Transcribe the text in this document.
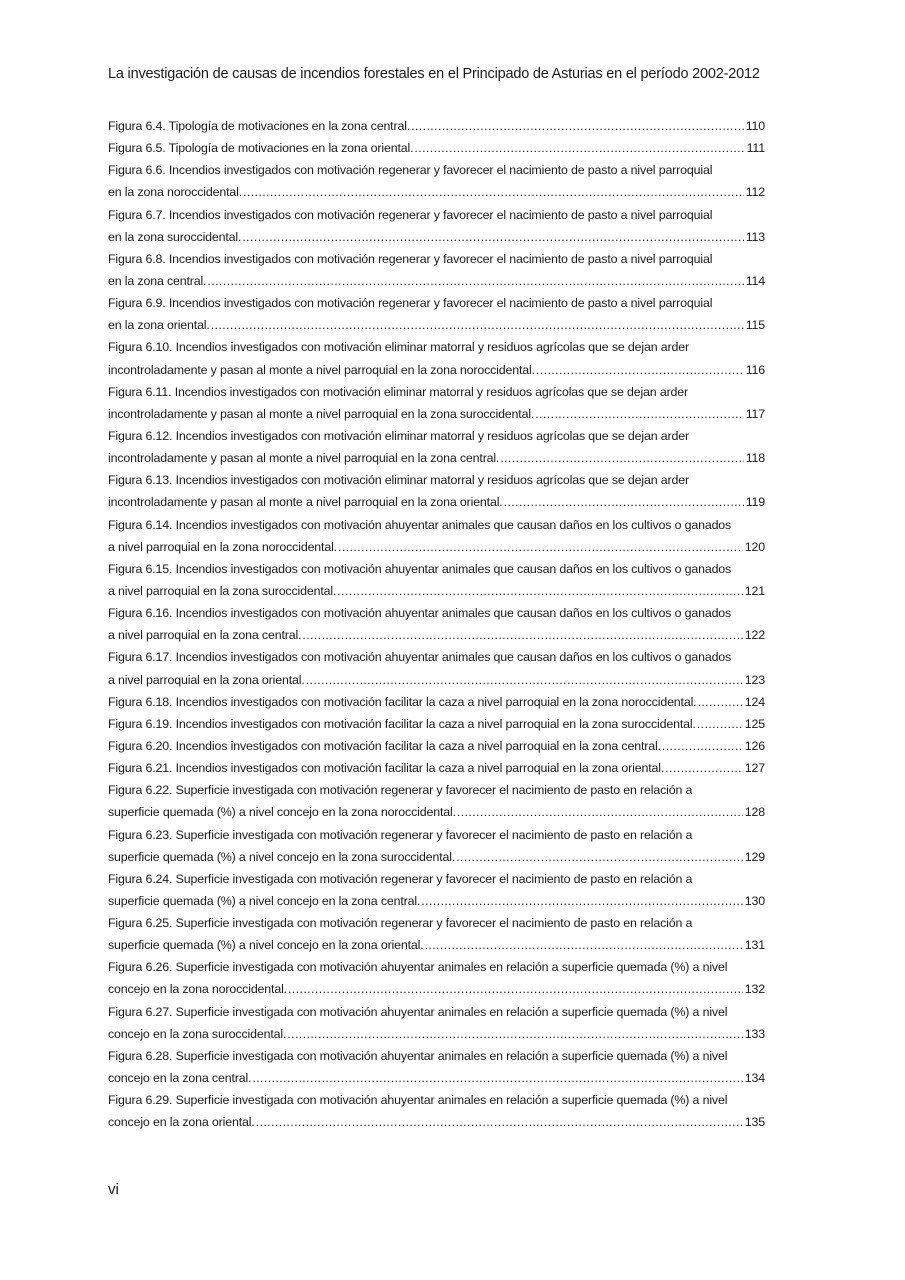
La investigación de causas de incendios forestales en el Principado de Asturias en el período 2002-2012
Figura 6.4. Tipología de motivaciones en la zona central. .....	110
Figura 6.5. Tipología de motivaciones en la zona oriental. .....	111
Figura 6.6. Incendios investigados con motivación regenerar y favorecer el nacimiento de pasto a nivel parroquial
en la zona noroccidental. .....	112
Figura 6.7. Incendios investigados con motivación regenerar y favorecer el nacimiento de pasto a nivel parroquial
en la zona suroccidental. .....	113
Figura 6.8. Incendios investigados con motivación regenerar y favorecer el nacimiento de pasto a nivel parroquial
en la zona central. .....	114
Figura 6.9. Incendios investigados con motivación regenerar y favorecer el nacimiento de pasto a nivel parroquial
en la zona oriental. .....	115
Figura 6.10. Incendios investigados con motivación eliminar matorral y residuos agrícolas que se dejan arder
incontroladamente y pasan al monte a nivel parroquial en la zona noroccidental. .....	116
Figura 6.11. Incendios investigados con motivación eliminar matorral y residuos agrícolas que se dejan arder
incontroladamente y pasan al monte a nivel parroquial en la zona suroccidental. .....	117
Figura 6.12. Incendios investigados con motivación eliminar matorral y residuos agrícolas que se dejan arder
incontroladamente y pasan al monte a nivel parroquial en la zona central. .....	118
Figura 6.13. Incendios investigados con motivación eliminar matorral y residuos agrícolas que se dejan arder
incontroladamente y pasan al monte a nivel parroquial en la zona oriental. .....	119
Figura 6.14. Incendios investigados con motivación ahuyentar animales que causan daños en los cultivos o ganados
a nivel parroquial en la zona noroccidental. .....	120
Figura 6.15. Incendios investigados con motivación ahuyentar animales que causan daños en los cultivos o ganados
a nivel parroquial en la zona suroccidental. .....	121
Figura 6.16. Incendios investigados con motivación ahuyentar animales que causan daños en los cultivos o ganados
a nivel parroquial en la zona central. .....	122
Figura 6.17. Incendios investigados con motivación ahuyentar animales que causan daños en los cultivos o ganados
a nivel parroquial en la zona oriental. .....	123
Figura 6.18. Incendios investigados con motivación facilitar la caza a nivel parroquial en la zona noroccidental. .....	124
Figura 6.19. Incendios investigados con motivación facilitar la caza a nivel parroquial en la zona suroccidental. .....	125
Figura 6.20. Incendios investigados con motivación facilitar la caza a nivel parroquial en la zona central. .....	126
Figura 6.21. Incendios investigados con motivación facilitar la caza a nivel parroquial en la zona oriental. .....	127
Figura 6.22. Superficie investigada con motivación regenerar y favorecer el nacimiento de pasto en relación a
superficie quemada (%) a nivel concejo en la zona noroccidental. .....	128
Figura 6.23. Superficie investigada con motivación regenerar y favorecer el nacimiento de pasto en relación a
superficie quemada (%) a nivel concejo en la zona suroccidental. .....	129
Figura 6.24. Superficie investigada con motivación regenerar y favorecer el nacimiento de pasto en relación a
superficie quemada (%) a nivel concejo en la zona central. .....	130
Figura 6.25. Superficie investigada con motivación regenerar y favorecer el nacimiento de pasto en relación a
superficie quemada (%) a nivel concejo en la zona oriental. .....	131
Figura 6.26. Superficie investigada con motivación ahuyentar animales en relación a superficie quemada (%) a nivel
concejo en la zona noroccidental. .....	132
Figura 6.27. Superficie investigada con motivación ahuyentar animales en relación a superficie quemada (%) a nivel
concejo en la zona suroccidental. .....	133
Figura 6.28. Superficie investigada con motivación ahuyentar animales en relación a superficie quemada (%) a nivel
concejo en la zona central. .....	134
Figura 6.29. Superficie investigada con motivación ahuyentar animales en relación a superficie quemada (%) a nivel
concejo en la zona oriental. .....	135
vi
